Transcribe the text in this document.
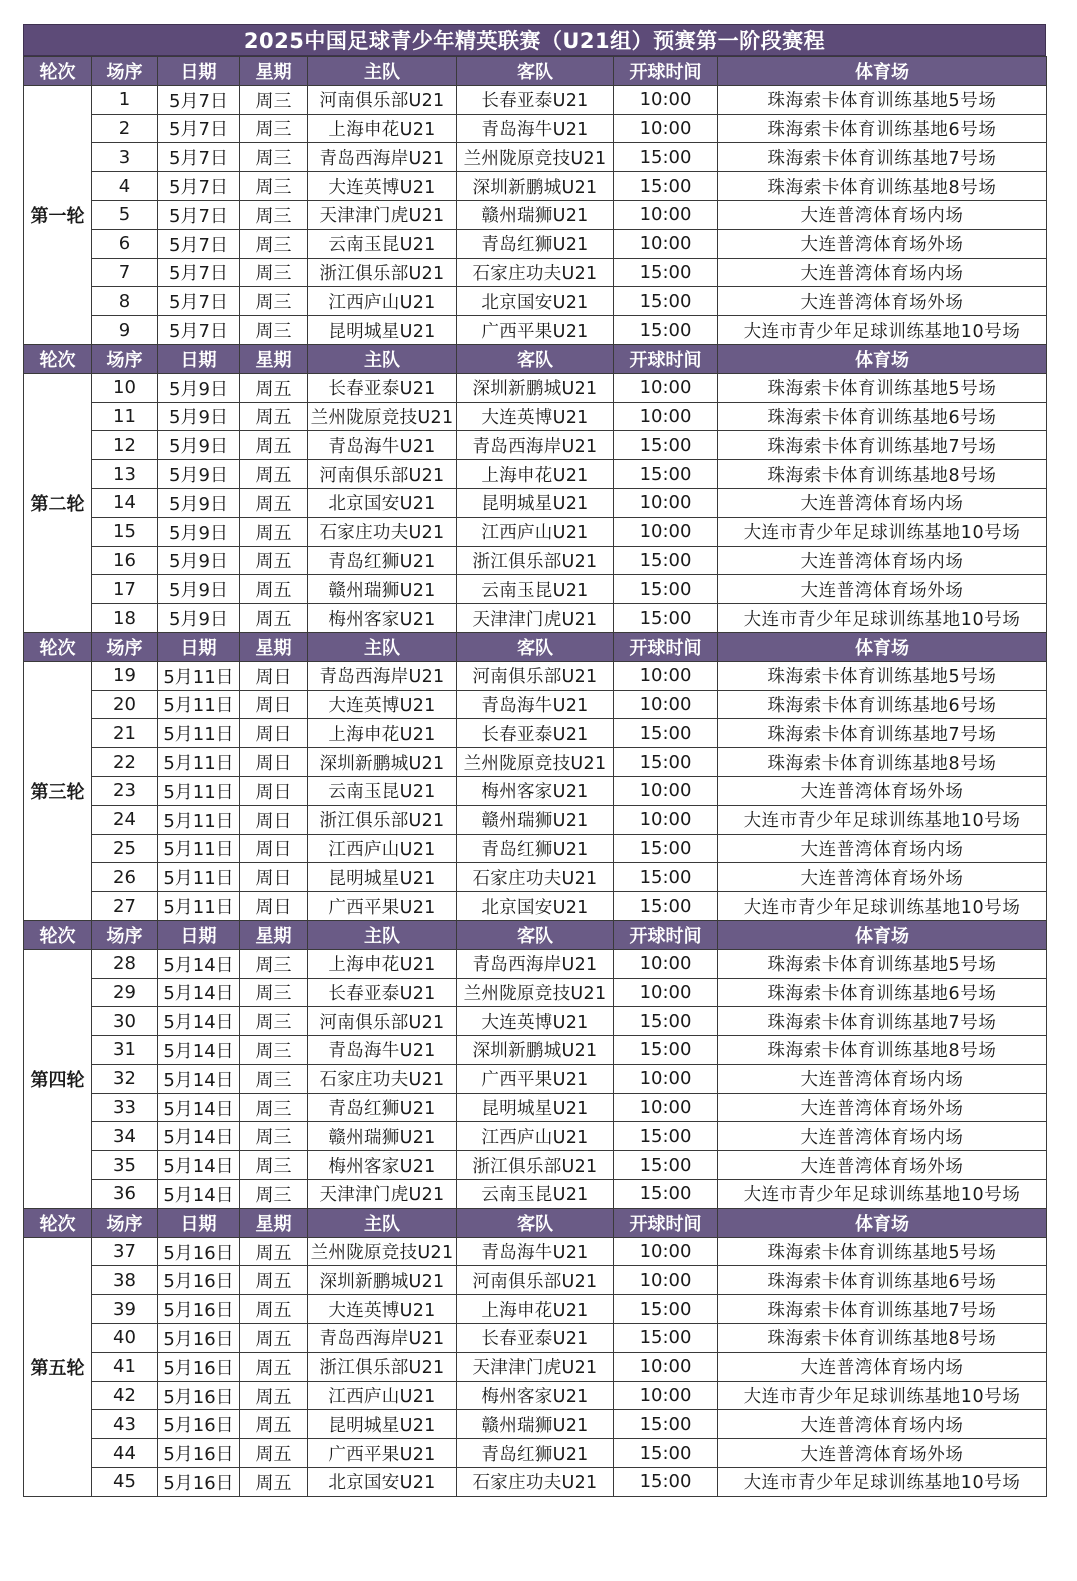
2025中国足球青少年精英联赛（U21组）预赛第一阶段赛程
轮次	场序	日期	星期	主队	客队	开球时间	体育场
第一轮	1	5月7日	周三	河南俱乐部U21	长春亚泰U21	10:00	珠海索卡体育训练基地5号场
	2	5月7日	周三	上海申花U21	青岛海牛U21	10:00	珠海索卡体育训练基地6号场
	3	5月7日	周三	青岛西海岸U21	兰州陇原竞技U21	15:00	珠海索卡体育训练基地7号场
	4	5月7日	周三	大连英博U21	深圳新鹏城U21	15:00	珠海索卡体育训练基地8号场
	5	5月7日	周三	天津津门虎U21	赣州瑞狮U21	10:00	大连普湾体育场内场
	6	5月7日	周三	云南玉昆U21	青岛红狮U21	10:00	大连普湾体育场外场
	7	5月7日	周三	浙江俱乐部U21	石家庄功夫U21	15:00	大连普湾体育场内场
	8	5月7日	周三	江西庐山U21	北京国安U21	15:00	大连普湾体育场外场
	9	5月7日	周三	昆明城星U21	广西平果U21	15:00	大连市青少年足球训练基地10号场
轮次	场序	日期	星期	主队	客队	开球时间	体育场
第二轮	10	5月9日	周五	长春亚泰U21	深圳新鹏城U21	10:00	珠海索卡体育训练基地5号场
	11	5月9日	周五	兰州陇原竞技U21	大连英博U21	10:00	珠海索卡体育训练基地6号场
	12	5月9日	周五	青岛海牛U21	青岛西海岸U21	15:00	珠海索卡体育训练基地7号场
	13	5月9日	周五	河南俱乐部U21	上海申花U21	15:00	珠海索卡体育训练基地8号场
	14	5月9日	周五	北京国安U21	昆明城星U21	10:00	大连普湾体育场内场
	15	5月9日	周五	石家庄功夫U21	江西庐山U21	10:00	大连市青少年足球训练基地10号场
	16	5月9日	周五	青岛红狮U21	浙江俱乐部U21	15:00	大连普湾体育场内场
	17	5月9日	周五	赣州瑞狮U21	云南玉昆U21	15:00	大连普湾体育场外场
	18	5月9日	周五	梅州客家U21	天津津门虎U21	15:00	大连市青少年足球训练基地10号场
轮次	场序	日期	星期	主队	客队	开球时间	体育场
第三轮	19	5月11日	周日	青岛西海岸U21	河南俱乐部U21	10:00	珠海索卡体育训练基地5号场
	20	5月11日	周日	大连英博U21	青岛海牛U21	10:00	珠海索卡体育训练基地6号场
	21	5月11日	周日	上海申花U21	长春亚泰U21	15:00	珠海索卡体育训练基地7号场
	22	5月11日	周日	深圳新鹏城U21	兰州陇原竞技U21	15:00	珠海索卡体育训练基地8号场
	23	5月11日	周日	云南玉昆U21	梅州客家U21	10:00	大连普湾体育场外场
	24	5月11日	周日	浙江俱乐部U21	赣州瑞狮U21	10:00	大连市青少年足球训练基地10号场
	25	5月11日	周日	江西庐山U21	青岛红狮U21	15:00	大连普湾体育场内场
	26	5月11日	周日	昆明城星U21	石家庄功夫U21	15:00	大连普湾体育场外场
	27	5月11日	周日	广西平果U21	北京国安U21	15:00	大连市青少年足球训练基地10号场
轮次	场序	日期	星期	主队	客队	开球时间	体育场
第四轮	28	5月14日	周三	上海申花U21	青岛西海岸U21	10:00	珠海索卡体育训练基地5号场
	29	5月14日	周三	长春亚泰U21	兰州陇原竞技U21	10:00	珠海索卡体育训练基地6号场
	30	5月14日	周三	河南俱乐部U21	大连英博U21	15:00	珠海索卡体育训练基地7号场
	31	5月14日	周三	青岛海牛U21	深圳新鹏城U21	15:00	珠海索卡体育训练基地8号场
	32	5月14日	周三	石家庄功夫U21	广西平果U21	10:00	大连普湾体育场内场
	33	5月14日	周三	青岛红狮U21	昆明城星U21	10:00	大连普湾体育场外场
	34	5月14日	周三	赣州瑞狮U21	江西庐山U21	15:00	大连普湾体育场内场
	35	5月14日	周三	梅州客家U21	浙江俱乐部U21	15:00	大连普湾体育场外场
	36	5月14日	周三	天津津门虎U21	云南玉昆U21	15:00	大连市青少年足球训练基地10号场
轮次	场序	日期	星期	主队	客队	开球时间	体育场
第五轮	37	5月16日	周五	兰州陇原竞技U21	青岛海牛U21	10:00	珠海索卡体育训练基地5号场
	38	5月16日	周五	深圳新鹏城U21	河南俱乐部U21	10:00	珠海索卡体育训练基地6号场
	39	5月16日	周五	大连英博U21	上海申花U21	15:00	珠海索卡体育训练基地7号场
	40	5月16日	周五	青岛西海岸U21	长春亚泰U21	15:00	珠海索卡体育训练基地8号场
	41	5月16日	周五	浙江俱乐部U21	天津津门虎U21	10:00	大连普湾体育场内场
	42	5月16日	周五	江西庐山U21	梅州客家U21	10:00	大连市青少年足球训练基地10号场
	43	5月16日	周五	昆明城星U21	赣州瑞狮U21	15:00	大连普湾体育场内场
	44	5月16日	周五	广西平果U21	青岛红狮U21	15:00	大连普湾体育场外场
	45	5月16日	周五	北京国安U21	石家庄功夫U21	15:00	大连市青少年足球训练基地10号场
